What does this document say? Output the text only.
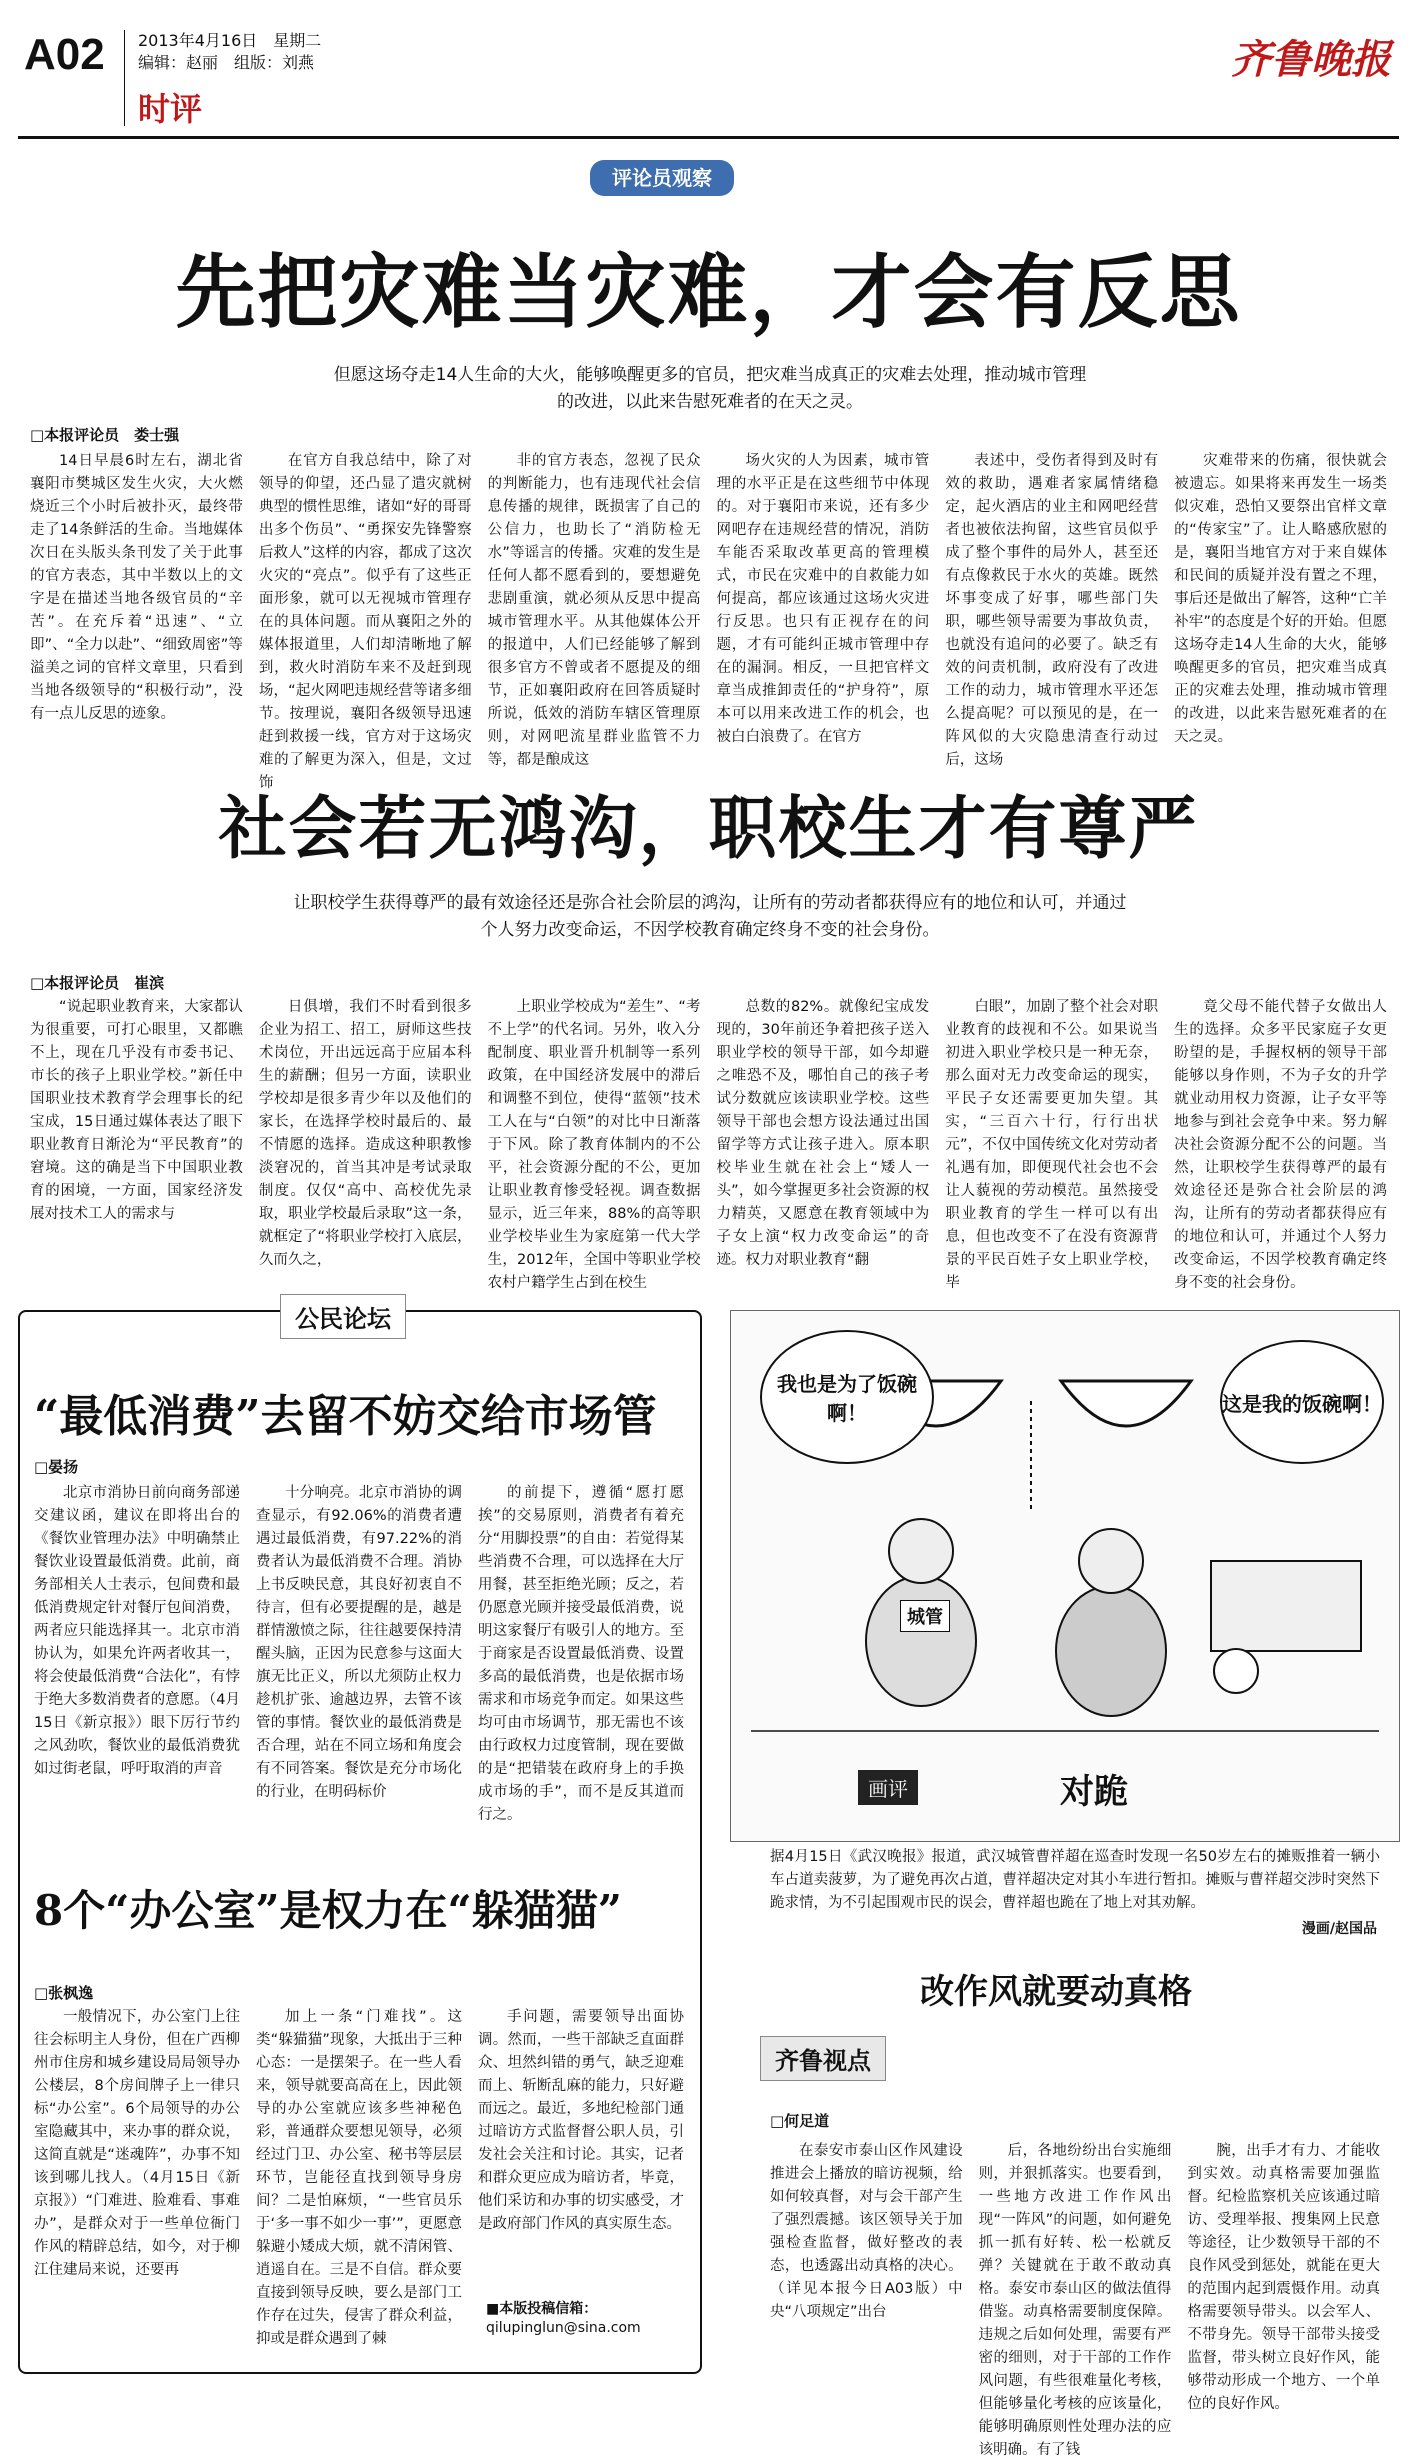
A02 2013年4月16日　星期二
编辑：赵丽　组版：刘燕
时评
齐鲁晚报
评论员观察
先把灾难当灾难，才会有反思
但愿这场夺走14人生命的大火，能够唤醒更多的官员，把灾难当成真正的灾难去处理，推动城市管理的改进，以此来告慰死难者的在天之灵。
□本报评论员　娄士强

14日早晨6时左右，湖北省襄阳市樊城区发生火灾，大火燃烧近三个小时后被扑灭，最终带走了14条鲜活的生命。当地媒体次日在头版头条刊发了关于此事的官方表态，其中半数以上的文字是在描述当地各级官员的“辛苦”。在充斥着“迅速”、“立即”、“全力以赴”、“细致周密”等溢美之词的官样文章里，只看到当地各级领导的“积极行动”，没有一点儿反思的迹象。

在官方自我总结中，除了对领导的仰望，还凸显了遣灾就树典型的惯性思维，诸如“好的哥哥出多个伤员”、“勇探安先锋警察后救人”这样的内容，都成了这次火灾的“亮点”。似乎有了这些正面形象，就可以无视城市管理存在的具体问题。而从襄阳之外的媒体报道里，人们却清晰地了解到，救火时消防车来不及赶到现场，“起火网吧违规经营等诸多细节。按理说，襄阳各级领导迅速赶到救援一线，官方对于这场灾难的了解更为深入，但是，文过饰

非的官方表态，忽视了民众的判断能力，也有违现代社会信息传播的规律，既损害了自己的公信力，也助长了“消防检无水”等谣言的传播。灾难的发生是任何人都不愿看到的，要想避免悲剧重演，就必须从反思中提高城市管理水平。从其他媒体公开的报道中，人们已经能够了解到很多官方不曾或者不愿提及的细节，正如襄阳政府在回答质疑时所说，低效的消防车辖区管理原则，对网吧流星群业监管不力等，都是酿成这

场火灾的人为因素，城市管理的水平正是在这些细节中体现的。对于襄阳市来说，还有多少网吧存在违规经营的情况，消防车能否采取改革更高的管理模式，市民在灾难中的自救能力如何提高，都应该通过这场火灾进行反思。也只有正视存在的问题，才有可能纠正城市管理中存在的漏洞。相反，一旦把官样文章当成推卸责任的“护身符”，原本可以用来改进工作的机会，也被白白浪费了。在官方

表述中，受伤者得到及时有效的救助，遇难者家属情绪稳定，起火酒店的业主和网吧经营者也被依法拘留，这些官员似乎成了整个事件的局外人，甚至还有点像救民于水火的英雄。既然坏事变成了好事，哪些部门失职，哪些领导需要为事故负责，也就没有追问的必要了。缺乏有效的问责机制，政府没有了改进工作的动力，城市管理水平还怎么提高呢？可以预见的是，在一阵风似的大灾隐患清查行动过后，这场

灾难带来的伤痛，很快就会被遗忘。如果将来再发生一场类似灾难，恐怕又要祭出官样文章的“传家宝”了。让人略感欣慰的是，襄阳当地官方对于来自媒体和民间的质疑并没有置之不理，事后还是做出了解答，这种“亡羊补牢”的态度是个好的开始。但愿这场夺走14人生命的大火，能够唤醒更多的官员，把灾难当成真正的灾难去处理，推动城市管理的改进，以此来告慰死难者的在天之灵。

社会若无鸿沟，职校生才有尊严
让职校学生获得尊严的最有效途径还是弥合社会阶层的鸿沟，让所有的劳动者都获得应有的地位和认可，并通过个人努力改变命运，不因学校教育确定终身不变的社会身份。
□本报评论员　崔滨

“说起职业教育来，大家都认为很重要，可打心眼里，又都瞧不上，现在几乎没有市委书记、市长的孩子上职业学校。”新任中国职业技术教育学会理事长的纪宝成，15日通过媒体表达了眼下职业教育日渐沦为“平民教育”的窘境。这的确是当下中国职业教育的困境，一方面，国家经济发展对技术工人的需求与

日俱增，我们不时看到很多企业为招工、招工，厨师这些技术岗位，开出远远高于应届本科生的薪酬；但另一方面，读职业学校却是很多青少年以及他们的家长，在选择学校时最后的、最不情愿的选择。造成这种职教惨淡窘况的，首当其冲是考试录取制度。仅仅“高中、高校优先录取，职业学校最后录取”这一条，就框定了“将职业学校打入底层，久而久之，

上职业学校成为“差生”、“考不上学”的代名词。另外，收入分配制度、职业晋升机制等一系列政策，在中国经济发展中的滞后和调整不到位，使得“蓝领”技术工人在与“白领”的对比中日渐落于下风。除了教育体制内的不公平，社会资源分配的不公，更加让职业教育惨受轻视。调查数据显示，近三年来，88%的高等职业学校毕业生为家庭第一代大学生，2012年，全国中等职业学校农村户籍学生占到在校生

总数的82%。就像纪宝成发现的，30年前还争着把孩子送入职业学校的领导干部，如今却避之唯恐不及，哪怕自己的孩子考试分数就应该读职业学校。这些领导干部也会想方设法通过出国留学等方式让孩子进入。原本职校毕业生就在社会上“矮人一头”，如今掌握更多社会资源的权力精英，又愿意在教育领域中为子女上演“权力改变命运”的奇迹。权力对职业教育“翻

白眼”，加剧了整个社会对职业教育的歧视和不公。如果说当初进入职业学校只是一种无奈，那么面对无力改变命运的现实，平民子女还需要更加失望。其实，“三百六十行，行行出状元”，不仅中国传统文化对劳动者礼遇有加，即便现代社会也不会让人藐视的劳动模范。虽然接受职业教育的学生一样可以有出息，但也改变不了在没有资源背景的平民百姓子女上职业学校，毕

竟父母不能代替子女做出人生的选择。众多平民家庭子女更盼望的是，手握权柄的领导干部能够以身作则，不为子女的升学就业动用权力资源，让子女平等地参与到社会竞争中来。努力解决社会资源分配不公的问题。当然，让职校学生获得尊严的最有效途径还是弥合社会阶层的鸿沟，让所有的劳动者都获得应有的地位和认可，并通过个人努力改变命运，不因学校教育确定终身不变的社会身份。

公民论坛
“最低消费”去留不妨交给市场管
□晏扬

北京市消协日前向商务部递交建议函，建议在即将出台的《餐饮业管理办法》中明确禁止餐饮业设置最低消费。此前，商务部相关人士表示，包间费和最低消费规定针对餐厅包间消费，两者应只能选择其一。北京市消协认为，如果允许两者收其一，将会使最低消费“合法化”，有悖于绝大多数消费者的意愿。（4月15日《新京报》）眼下厉行节约之风劲吹，餐饮业的最低消费犹如过街老鼠，呼吁取消的声音

十分响亮。北京市消协的调查显示，有92.06%的消费者遭遇过最低消费，有97.22%的消费者认为最低消费不合理。消协上书反映民意，其良好初衷自不待言，但有必要提醒的是，越是群情激愤之际，往往越要保持清醒头脑，正因为民意参与这面大旗无比正义，所以尤须防止权力趁机扩张、逾越边界，去管不该管的事情。餐饮业的最低消费是否合理，站在不同立场和角度会有不同答案。餐饮是充分市场化的行业，在明码标价

的前提下，遵循“愿打愿挨”的交易原则，消费者有着充分“用脚投票”的自由：若觉得某些消费不合理，可以选择在大厅用餐，甚至拒绝光顾；反之，若仍愿意光顾并接受最低消费，说明这家餐厅有吸引人的地方。至于商家是否设置最低消费、设置多高的最低消费，也是依据市场需求和市场竞争而定。如果这些均可由市场调节，那无需也不该由行政权力过度管制，现在要做的是“把错装在政府身上的手换成市场的手”，而不是反其道而行之。

8个“办公室”是权力在“躲猫猫”
□张枫逸

一般情况下，办公室门上往往会标明主人身份，但在广西柳州市住房和城乡建设局局领导办公楼层，8个房间牌子上一律只标“办公室”。6个局领导的办公室隐藏其中，来办事的群众说，这简直就是“迷魂阵”，办事不知该到哪儿找人。（4月15日《新京报》）“门难进、脸难看、事难办”，是群众对于一些单位衙门作风的精辟总结，如今，对于柳江住建局来说，还要再

加上一条“门难找”。这类“躲猫猫”现象，大抵出于三种心态：一是摆架子。在一些人看来，领导就要高高在上，因此领导的办公室就应该多些神秘色彩，普通群众要想见领导，必须经过门卫、办公室、秘书等层层环节，岂能径直找到领导身房间？二是怕麻烦，“一些官员乐于‘多一事不如少一事’”，更愿意躲避小矮成大烦，就不清闲管、逍遥自在。三是不自信。群众要直接到领导反映，要么是部门工作存在过失，侵害了群众利益，抑或是群众遇到了棘

手问题，需要领导出面协调。然而，一些干部缺乏直面群众、坦然纠错的勇气，缺乏迎难而上、斩断乱麻的能力，只好避而远之。最近，多地纪检部门通过暗访方式监督督公职人员，引发社会关注和讨论。其实，记者和群众更应成为暗访者，毕竟，他们采访和办事的切实感受，才是政府部门作风的真实原生态。

■本版投稿信箱：
qilupinglun@sina.com
我也是为了饭碗啊！	这是我的饭碗啊！
城管
画评	对跪
据4月15日《武汉晚报》报道，武汉城管曹祥超在巡查时发现一名50岁左右的摊贩推着一辆小车占道卖菠萝，为了避免再次占道，曹祥超决定对其小车进行暂扣。摊贩与曹祥超交涉时突然下跪求情，为不引起围观市民的误会，曹祥超也跪在了地上对其劝解。
漫画/赵国品
改作风就要动真格
齐鲁视点
□何足道

在泰安市泰山区作风建设推进会上播放的暗访视频，给如何较真督，对与会干部产生了强烈震撼。该区领导关于加强检查监督，做好整改的表态，也透露出动真格的决心。（详见本报今日A03版）中央“八项规定”出台

后，各地纷纷出台实施细则，并狠抓落实。也要看到，一些地方改进工作作风出现“一阵风”的问题，如何避免抓一抓有好转、松一松就反弹？关键就在于敢不敢动真格。泰安市泰山区的做法值得借鉴。动真格需要制度保障。违规之后如何处理，需要有严密的细则，对于干部的工作作风问题，有些很难量化考核，但能够量化考核的应该量化，能够明确原则性处理办法的应该明确。有了钱

腕，出手才有力、才能收到实效。动真格需要加强监督。纪检监察机关应该通过暗访、受理举报、搜集网上民意等途径，让少数领导干部的不良作风受到惩处，就能在更大的范围内起到震慑作用。动真格需要领导带头。以会军人、不带身先。领导干部带头接受监督，带头树立良好作风，能够带动形成一个地方、一个单位的良好作风。
